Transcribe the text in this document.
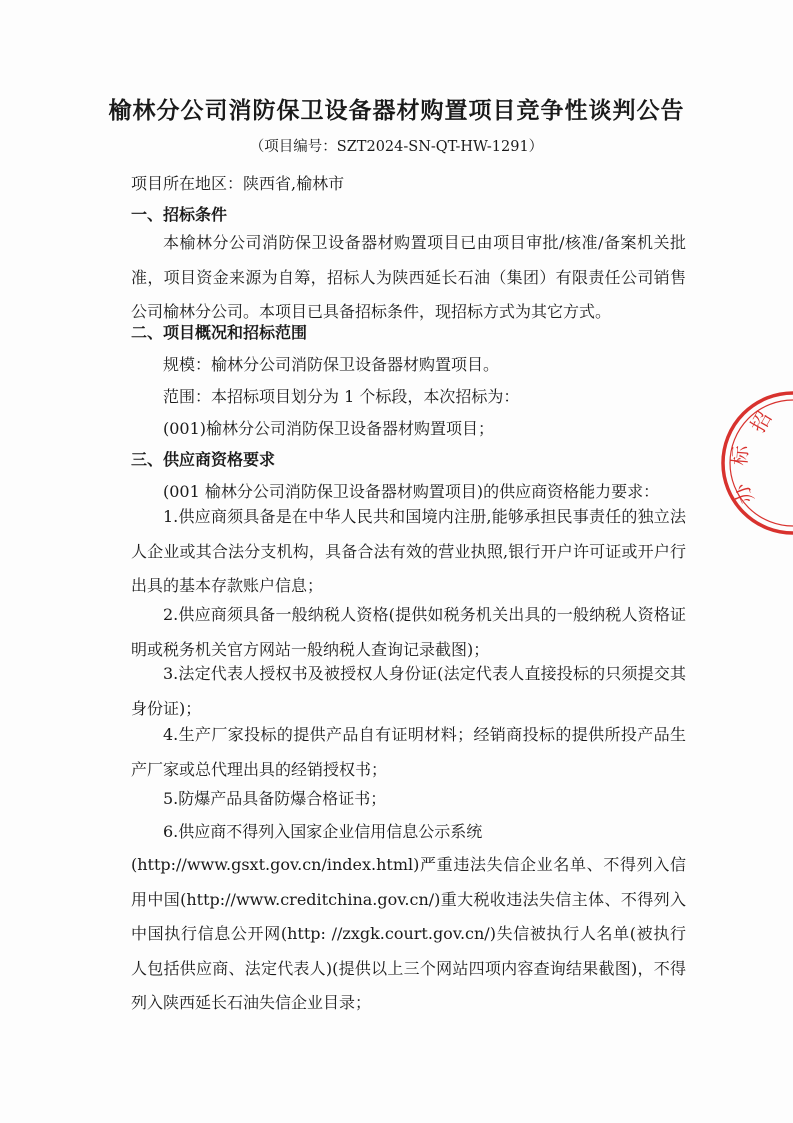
榆林分公司消防保卫设备器材购置项目竞争性谈判公告
（项目编号：SZT2024-SN-QT-HW-1291）
项目所在地区：陕西省,榆林市
一、招标条件
本榆林分公司消防保卫设备器材购置项目已由项目审批/核准/备案机关批准，项目资金来源为自筹，招标人为陕西延长石油（集团）有限责任公司销售公司榆林分公司。本项目已具备招标条件，现招标方式为其它方式。
二、项目概况和招标范围
规模：榆林分公司消防保卫设备器材购置项目。
范围：本招标项目划分为 1 个标段，本次招标为：
(001)榆林分公司消防保卫设备器材购置项目；
三、供应商资格要求
(001 榆林分公司消防保卫设备器材购置项目)的供应商资格能力要求：
1.供应商须具备是在中华人民共和国境内注册,能够承担民事责任的独立法人企业或其合法分支机构，具备合法有效的营业执照,银行开户许可证或开户行出具的基本存款账户信息；
2.供应商须具备一般纳税人资格(提供如税务机关出具的一般纳税人资格证明或税务机关官方网站一般纳税人查询记录截图)；
3.法定代表人授权书及被授权人身份证(法定代表人直接投标的只须提交其身份证)；
4.生产厂家投标的提供产品自有证明材料；经销商投标的提供所投产品生产厂家或总代理出具的经销授权书；
5.防爆产品具备防爆合格证书；
6.供应商不得列入国家企业信用信息公示系统
(http://www.gsxt.gov.cn/index.html)严重违法失信企业名单、不得列入信用中国(http://www.creditchina.gov.cn/)重大税收违法失信主体、不得列入中国执行信息公开网(http: //zxgk.court.gov.cn/)失信被执行人名单(被执行人包括供应商、法定代表人)(提供以上三个网站四项内容查询结果截图)，不得列入陕西延长石油失信企业目录；
招
标
办
